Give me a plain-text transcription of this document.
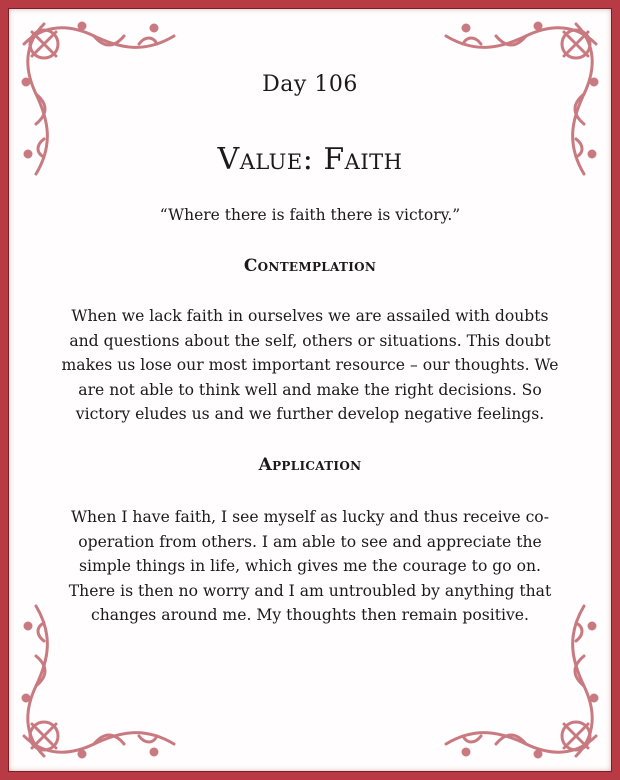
Day 106
Value: Faith
“Where there is faith there is victory.”
Contemplation
When we lack faith in ourselves we are assailed with doubts and questions about the self, others or situations. This doubt makes us lose our most important resource – our thoughts. We are not able to think well and make the right decisions. So victory eludes us and we further develop negative feelings.
Application
When I have faith, I see myself as lucky and thus receive co-operation from others. I am able to see and appreciate the simple things in life, which gives me the courage to go on. There is then no worry and I am untroubled by anything that changes around me. My thoughts then remain positive.
